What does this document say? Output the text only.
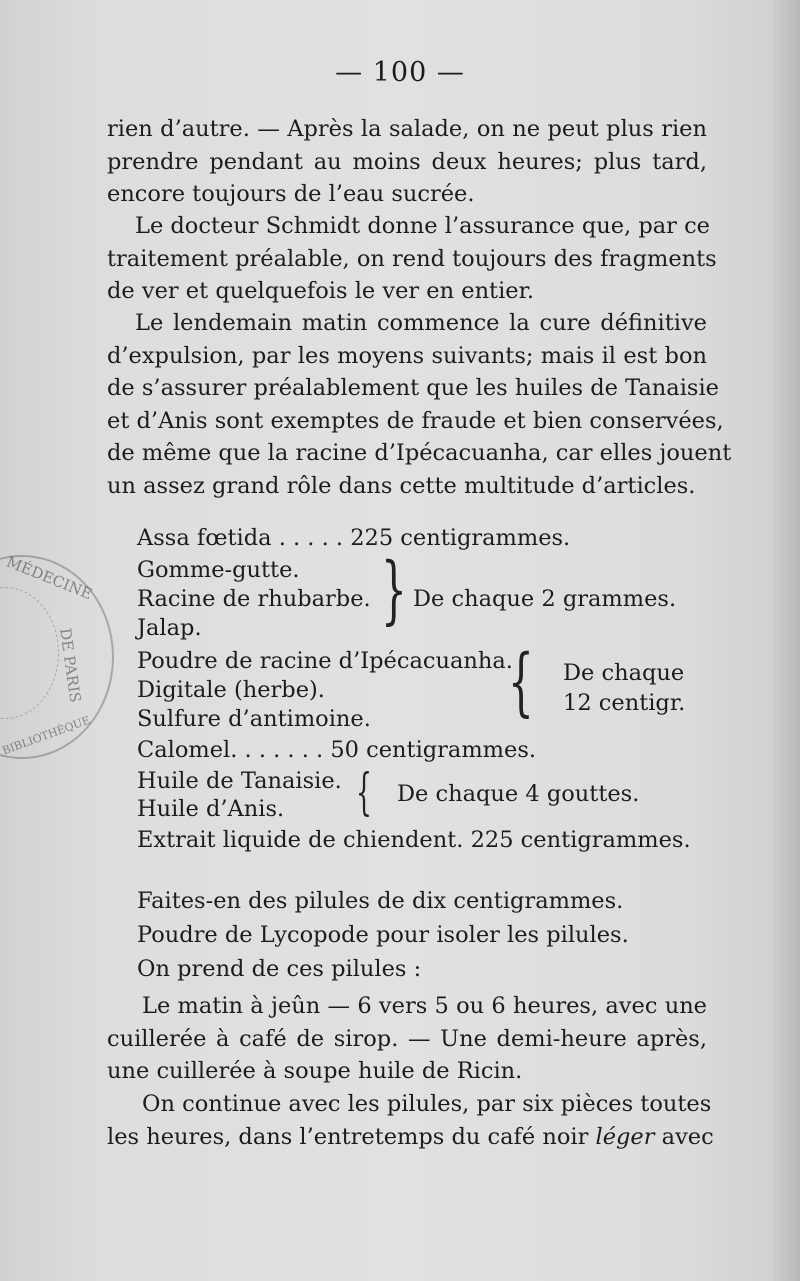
MÉDECINE
DE PARIS
BIBLIOTHÈQUE
— 100 —
rien d’autre. — Après la salade, on ne peut plus rien
prendre pendant au moins deux heures; plus tard,
encore toujours de l’eau sucrée.
Le docteur Schmidt donne l’assurance que, par ce
traitement préalable, on rend toujours des fragments
de ver et quelquefois le ver en entier.
Le lendemain matin commence la cure définitive
d’expulsion, par les moyens suivants; mais il est bon
de s’assurer préalablement que les huiles de Tanaisie
et d’Anis sont exemptes de fraude et bien conservées,
de même que la racine d’Ipécacuanha, car elles jouent
un assez grand rôle dans cette multitude d’articles.
Assa fœtida . . . . . 225 centigrammes.
Gomme-gutte.
Racine de rhubarbe.
Jalap. } De chaque 2 grammes.
Poudre de racine d’Ipécacuanha.
Digitale (herbe).
Sulfure d’antimoine. { De chaque
12 centigr.
Calomel. . . . . . . 50 centigrammes.
Huile de Tanaisie.
Huile d’Anis. { De chaque 4 gouttes.
Extrait liquide de chiendent. 225 centigrammes.
Faites-en des pilules de dix centigrammes.
Poudre de Lycopode pour isoler les pilules.
On prend de ces pilules :
Le matin à jeûn — 6 vers 5 ou 6 heures, avec une
cuillerée à café de sirop. — Une demi-heure après,
une cuillerée à soupe huile de Ricin.
On continue avec les pilules, par six pièces toutes
les heures, dans l’entretemps du café noir léger avec
